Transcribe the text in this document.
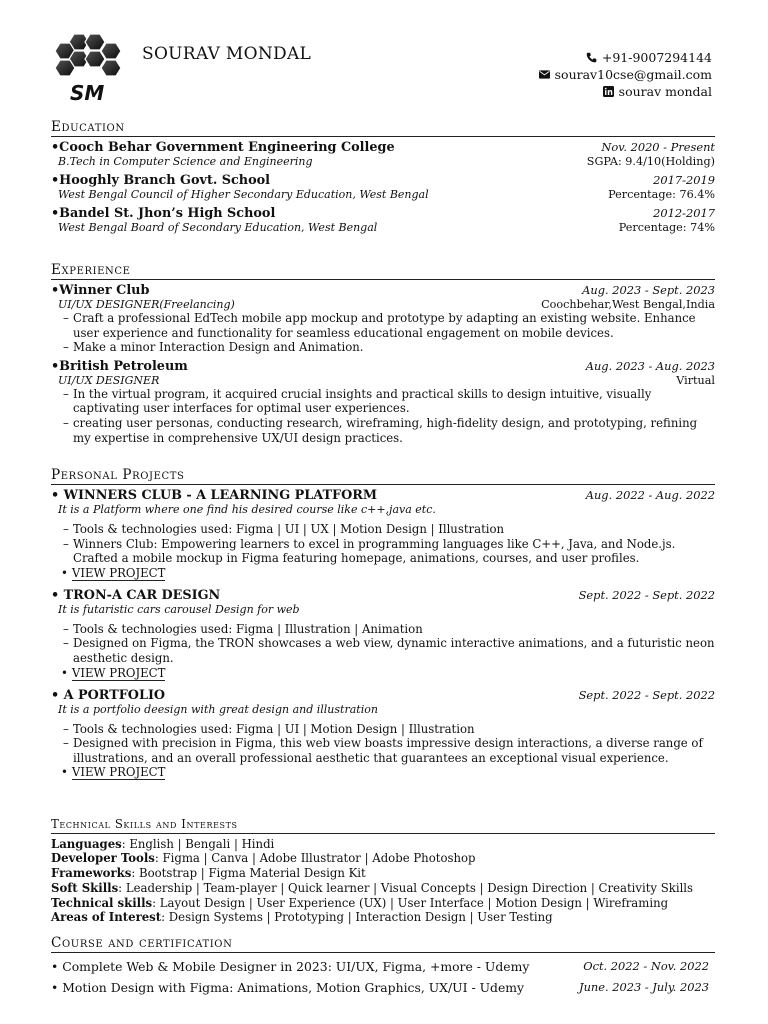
SM
SOURAV MONDAL	+91-9007294144
sourav10cse@gmail.com
sourav mondal
Education
•Cooch Behar Government Engineering College	Nov. 2020 - Present
B.Tech in Computer Science and Engineering	SGPA: 9.4/10(Holding)
•Hooghly Branch Govt. School	2017-2019
West Bengal Council of Higher Secondary Education, West Bengal	Percentage: 76.4%
•Bandel St. Jhon’s High School	2012-2017
West Bengal Board of Secondary Education, West Bengal	Percentage: 74%
Experience
•Winner Club	Aug. 2023 - Sept. 2023
UI/UX DESIGNER(Freelancing)	Coochbehar,West Bengal,India
– Craft a professional EdTech mobile app mockup and prototype by adapting an existing website. Enhance user experience and functionality for seamless educational engagement on mobile devices.
– Make a minor Interaction Design and Animation.
•British Petroleum	Aug. 2023 - Aug. 2023
UI/UX DESIGNER	Virtual
– In the virtual program, it acquired crucial insights and practical skills to design intuitive, visually captivating user interfaces for optimal user experiences.
– creating user personas, conducting research, wireframing, high-fidelity design, and prototyping, refining my expertise in comprehensive UX/UI design practices.
Personal Projects
• WINNERS CLUB - A LEARNING PLATFORM	Aug. 2022 - Aug. 2022
It is a Platform where one find his desired course like c++,java etc.
– Tools & technologies used: Figma | UI | UX | Motion Design | Illustration
– Winners Club: Empowering learners to excel in programming languages like C++, Java, and Node.js. Crafted a mobile mockup in Figma featuring homepage, animations, courses, and user profiles.
• VIEW PROJECT
• TRON-A CAR DESIGN	Sept. 2022 - Sept. 2022
It is futaristic cars carousel Design for web
– Tools & technologies used: Figma | Illustration | Animation
– Designed on Figma, the TRON showcases a web view, dynamic interactive animations, and a futuristic neon aesthetic design.
• VIEW PROJECT
• A PORTFOLIO	Sept. 2022 - Sept. 2022
It is a portfolio deesign with great design and illustration
– Tools & technologies used: Figma | UI | Motion Design | Illustration
– Designed with precision in Figma, this web view boasts impressive design interactions, a diverse range of illustrations, and an overall professional aesthetic that guarantees an exceptional visual experience.
• VIEW PROJECT
Technical Skills and Interests
Languages: English | Bengali | Hindi
Developer Tools: Figma | Canva | Adobe Illustrator | Adobe Photoshop
Frameworks: Bootstrap | Figma Material Design Kit
Soft Skills: Leadership | Team-player | Quick learner | Visual Concepts | Design Direction | Creativity Skills
Technical skills: Layout Design | User Experience (UX) | User Interface | Motion Design | Wireframing
Areas of Interest: Design Systems | Prototyping | Interaction Design | User Testing
Course and certification
• Complete Web & Mobile Designer in 2023: UI/UX, Figma, +more - Udemy	Oct. 2022 - Nov. 2022
• Motion Design with Figma: Animations, Motion Graphics, UX/UI - Udemy	June. 2023 - July. 2023
